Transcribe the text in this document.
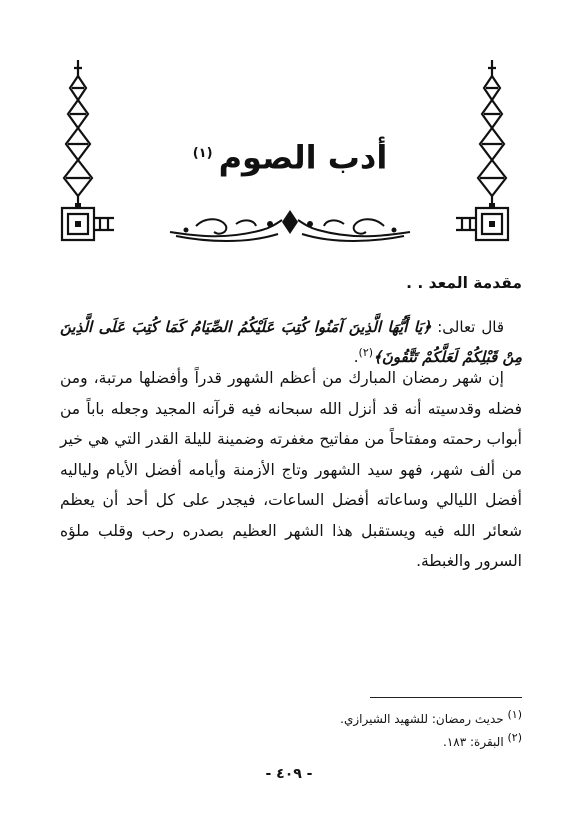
أدب الصوم$^{(١)}$
مقدمة المعد . .
قال تعالى: ﴿يَا أَيُّهَا الَّذِينَ آمَنُوا كُتِبَ عَلَيْكُمُ الصِّيَامُ كَمَا كُتِبَ عَلَى الَّذِينَ مِنْ قَبْلِكُمْ لَعَلَّكُمْ تَتَّقُونَ﴾$^{(٢)}$.
إن شهر رمضان المبارك من أعظم الشهور قدراً وأفضلها مرتبة، ومن فضله وقدسيته أنه قد أنزل الله سبحانه فيه قرآنه المجيد وجعله باباً من أبواب رحمته ومفتاحاً من مفاتيح مغفرته وضمينة لليلة القدر التي هي خير من ألف شهر، فهو سيد الشهور وتاج الأزمنة وأيامه أفضل الأيام ولياليه أفضل الليالي وساعاته أفضل الساعات، فيجدر على كل أحد أن يعظم شعائر الله فيه ويستقبل هذا الشهر العظيم بصدره رحب وقلب ملؤه السرور والغبطة.
(١) حديث رمضان: للشهيد الشيرازي.
(٢) البقرة: ١٨٣.
- ٤٠٩ -
